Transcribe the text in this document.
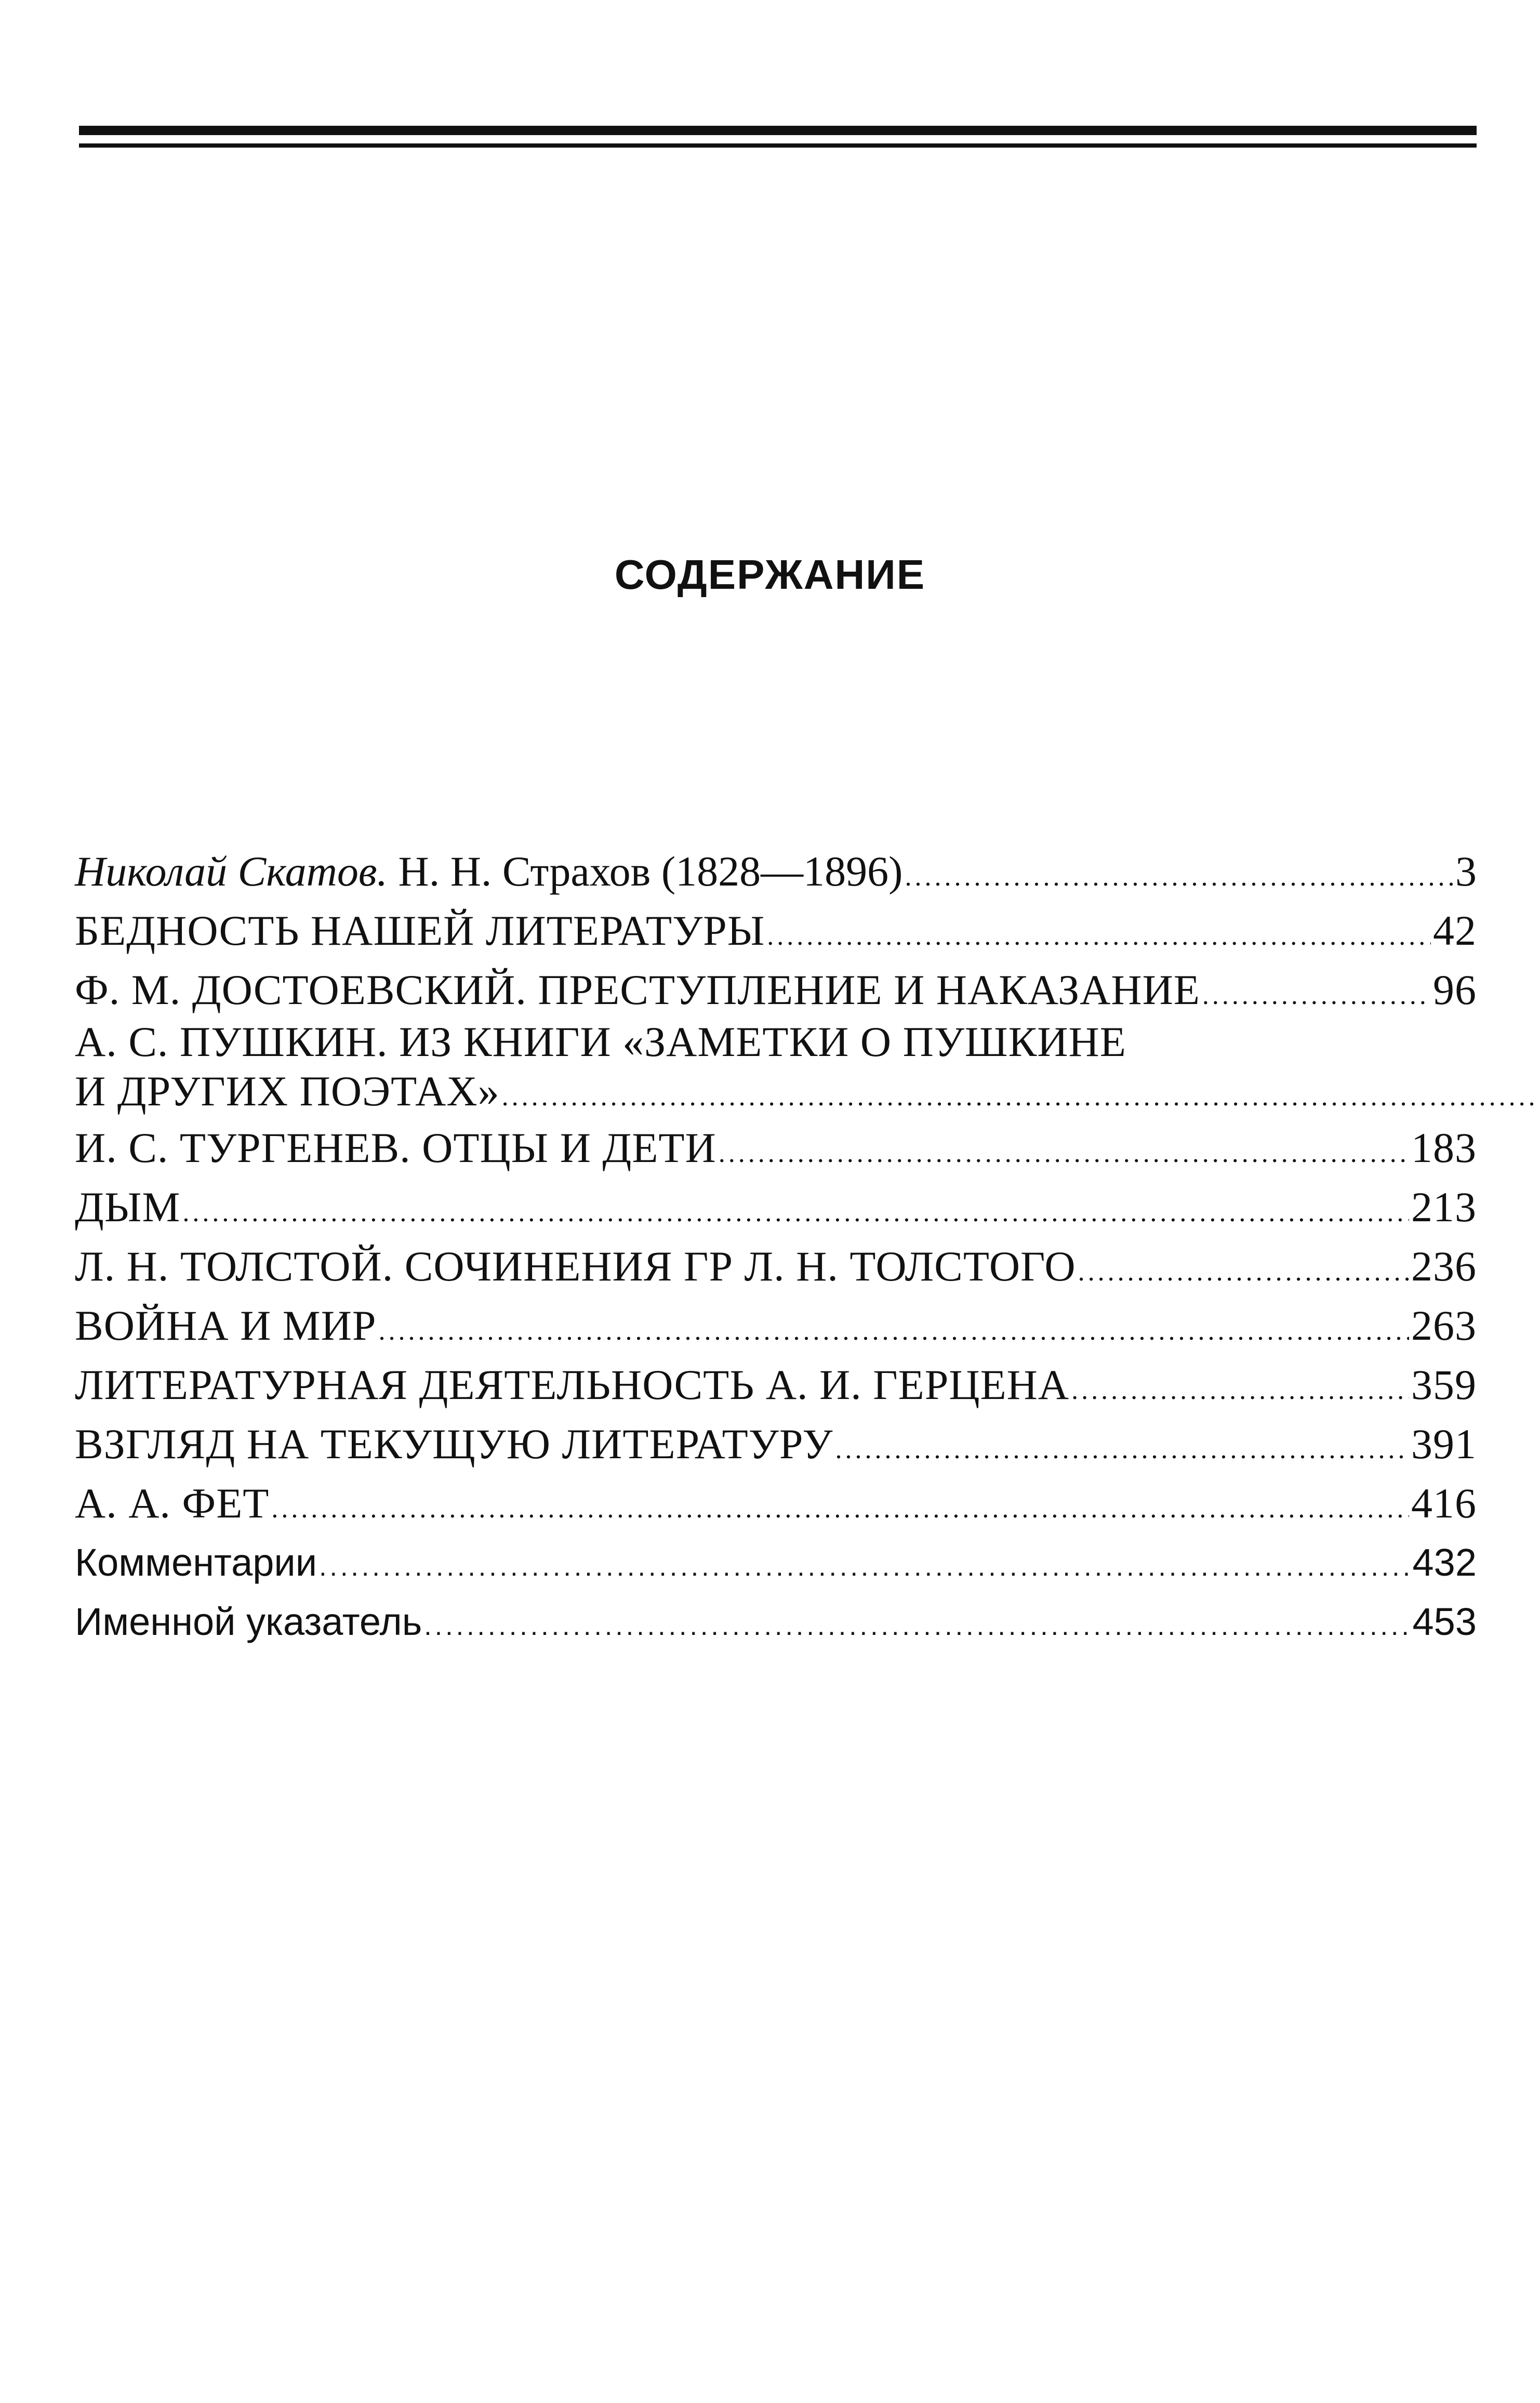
СОДЕРЖАНИЕ
Николай Скатов.
Н. Н. Страхов (1828—1896) .....	3
БЕДНОСТЬ НАШЕЙ ЛИТЕРАТУРЫ .....	42
Ф. М. ДОСТОЕВСКИЙ. ПРЕСТУПЛЕНИЕ И НАКАЗАНИЕ .....	96
А. С. ПУШКИН. ИЗ КНИГИ «ЗАМЕТКИ О ПУШКИНЕ
И ДРУГИХ ПОЭТАХ»
.....
И. С. ТУРГЕНЕВ. ОТЦЫ И ДЕТИ .....	183
ДЫМ .....	213
Л. Н. ТОЛСТОЙ. СОЧИНЕНИЯ ГР Л. Н. ТОЛСТОГО .....	236
ВОЙНА И МИР .....	263
ЛИТЕРАТУРНАЯ ДЕЯТЕЛЬНОСТЬ А. И. ГЕРЦЕНА .....	359
ВЗГЛЯД НА ТЕКУЩУЮ ЛИТЕРАТУРУ .....	391
А. А. ФЕТ .....	416
Комментарии .....	432
Именной указатель .....	453
